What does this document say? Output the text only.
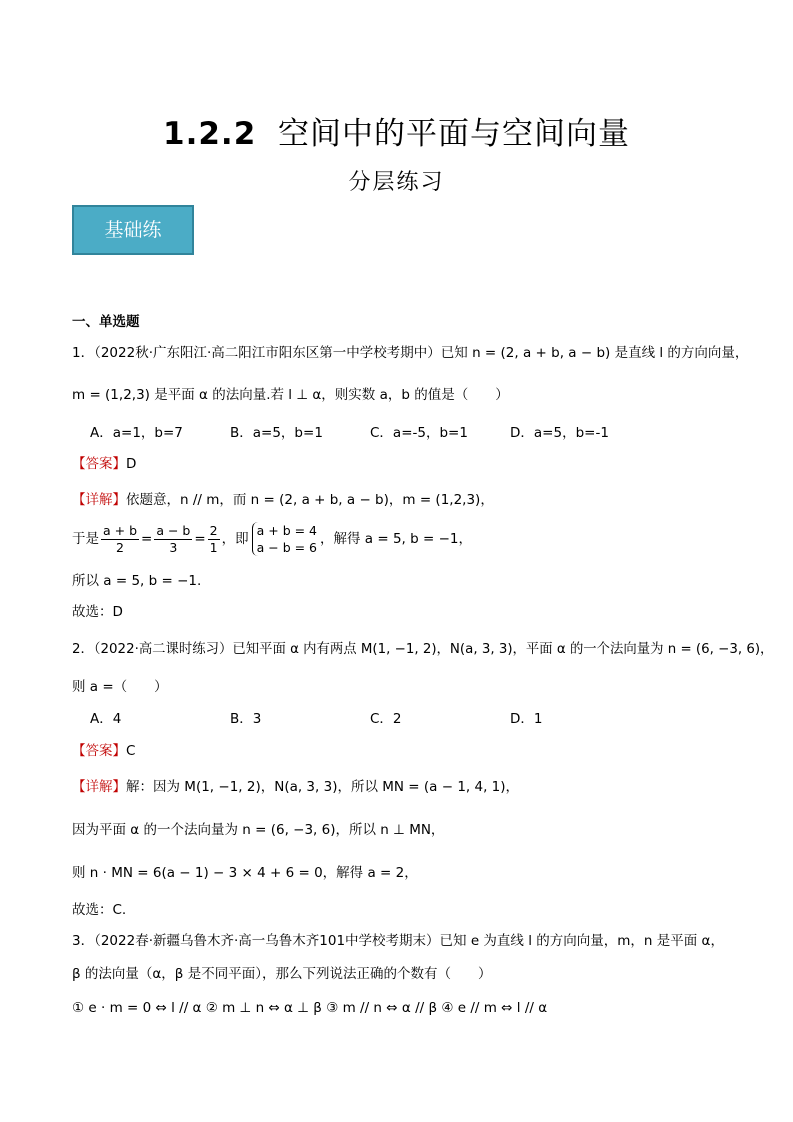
1.2.2 空间中的平面与空间向量
分层练习
基础练
一、单选题
1．（2022秋·广东阳江·高二阳江市阳东区第一中学校考期中）已知 n = (2, a + b, a − b) 是直线 l 的方向向量，
m = (1,2,3) 是平面 α 的法向量.若 l ⊥ α，则实数 a，b 的值是（　　）
A．a=1，b=7	B．a=5，b=1	C．a=-5，b=1	D．a=5，b=-1
【答案】D
【详解】依题意，n // m，而 n = (2, a + b, a − b)，m = (1,2,3)，
于是 $\frac{a + b}{2} = \frac{a - b}{3} = \frac{2}{1}$ ，即
a + b = 4
a − b = 6
，解得 a = 5, b = −1，
所以 a = 5, b = −1.
故选：D
2．（2022·高二课时练习）已知平面 α 内有两点 M(1, −1, 2)，N(a, 3, 3)，平面 α 的一个法向量为 n = (6, −3, 6)，
则 a =（　　）
A．4	B．3	C．2	D．1
【答案】C
【详解】解：因为 M(1, −1, 2)，N(a, 3, 3)，所以 MN = (a − 1, 4, 1)，
因为平面 α 的一个法向量为 n = (6, −3, 6)，所以 n ⊥ MN，
则 n · MN = 6(a − 1) − 3 × 4 + 6 = 0，解得 a = 2，
故选：C.
3．（2022春·新疆乌鲁木齐·高一乌鲁木齐101中学校考期末）已知 e 为直线 l 的方向向量，m，n 是平面 α，
β 的法向量（α，β 是不同平面），那么下列说法正确的个数有（　　）
① e · m = 0 ⇔ l // α ② m ⊥ n ⇔ α ⊥ β ③ m // n ⇔ α // β ④ e // m ⇔ l // α
